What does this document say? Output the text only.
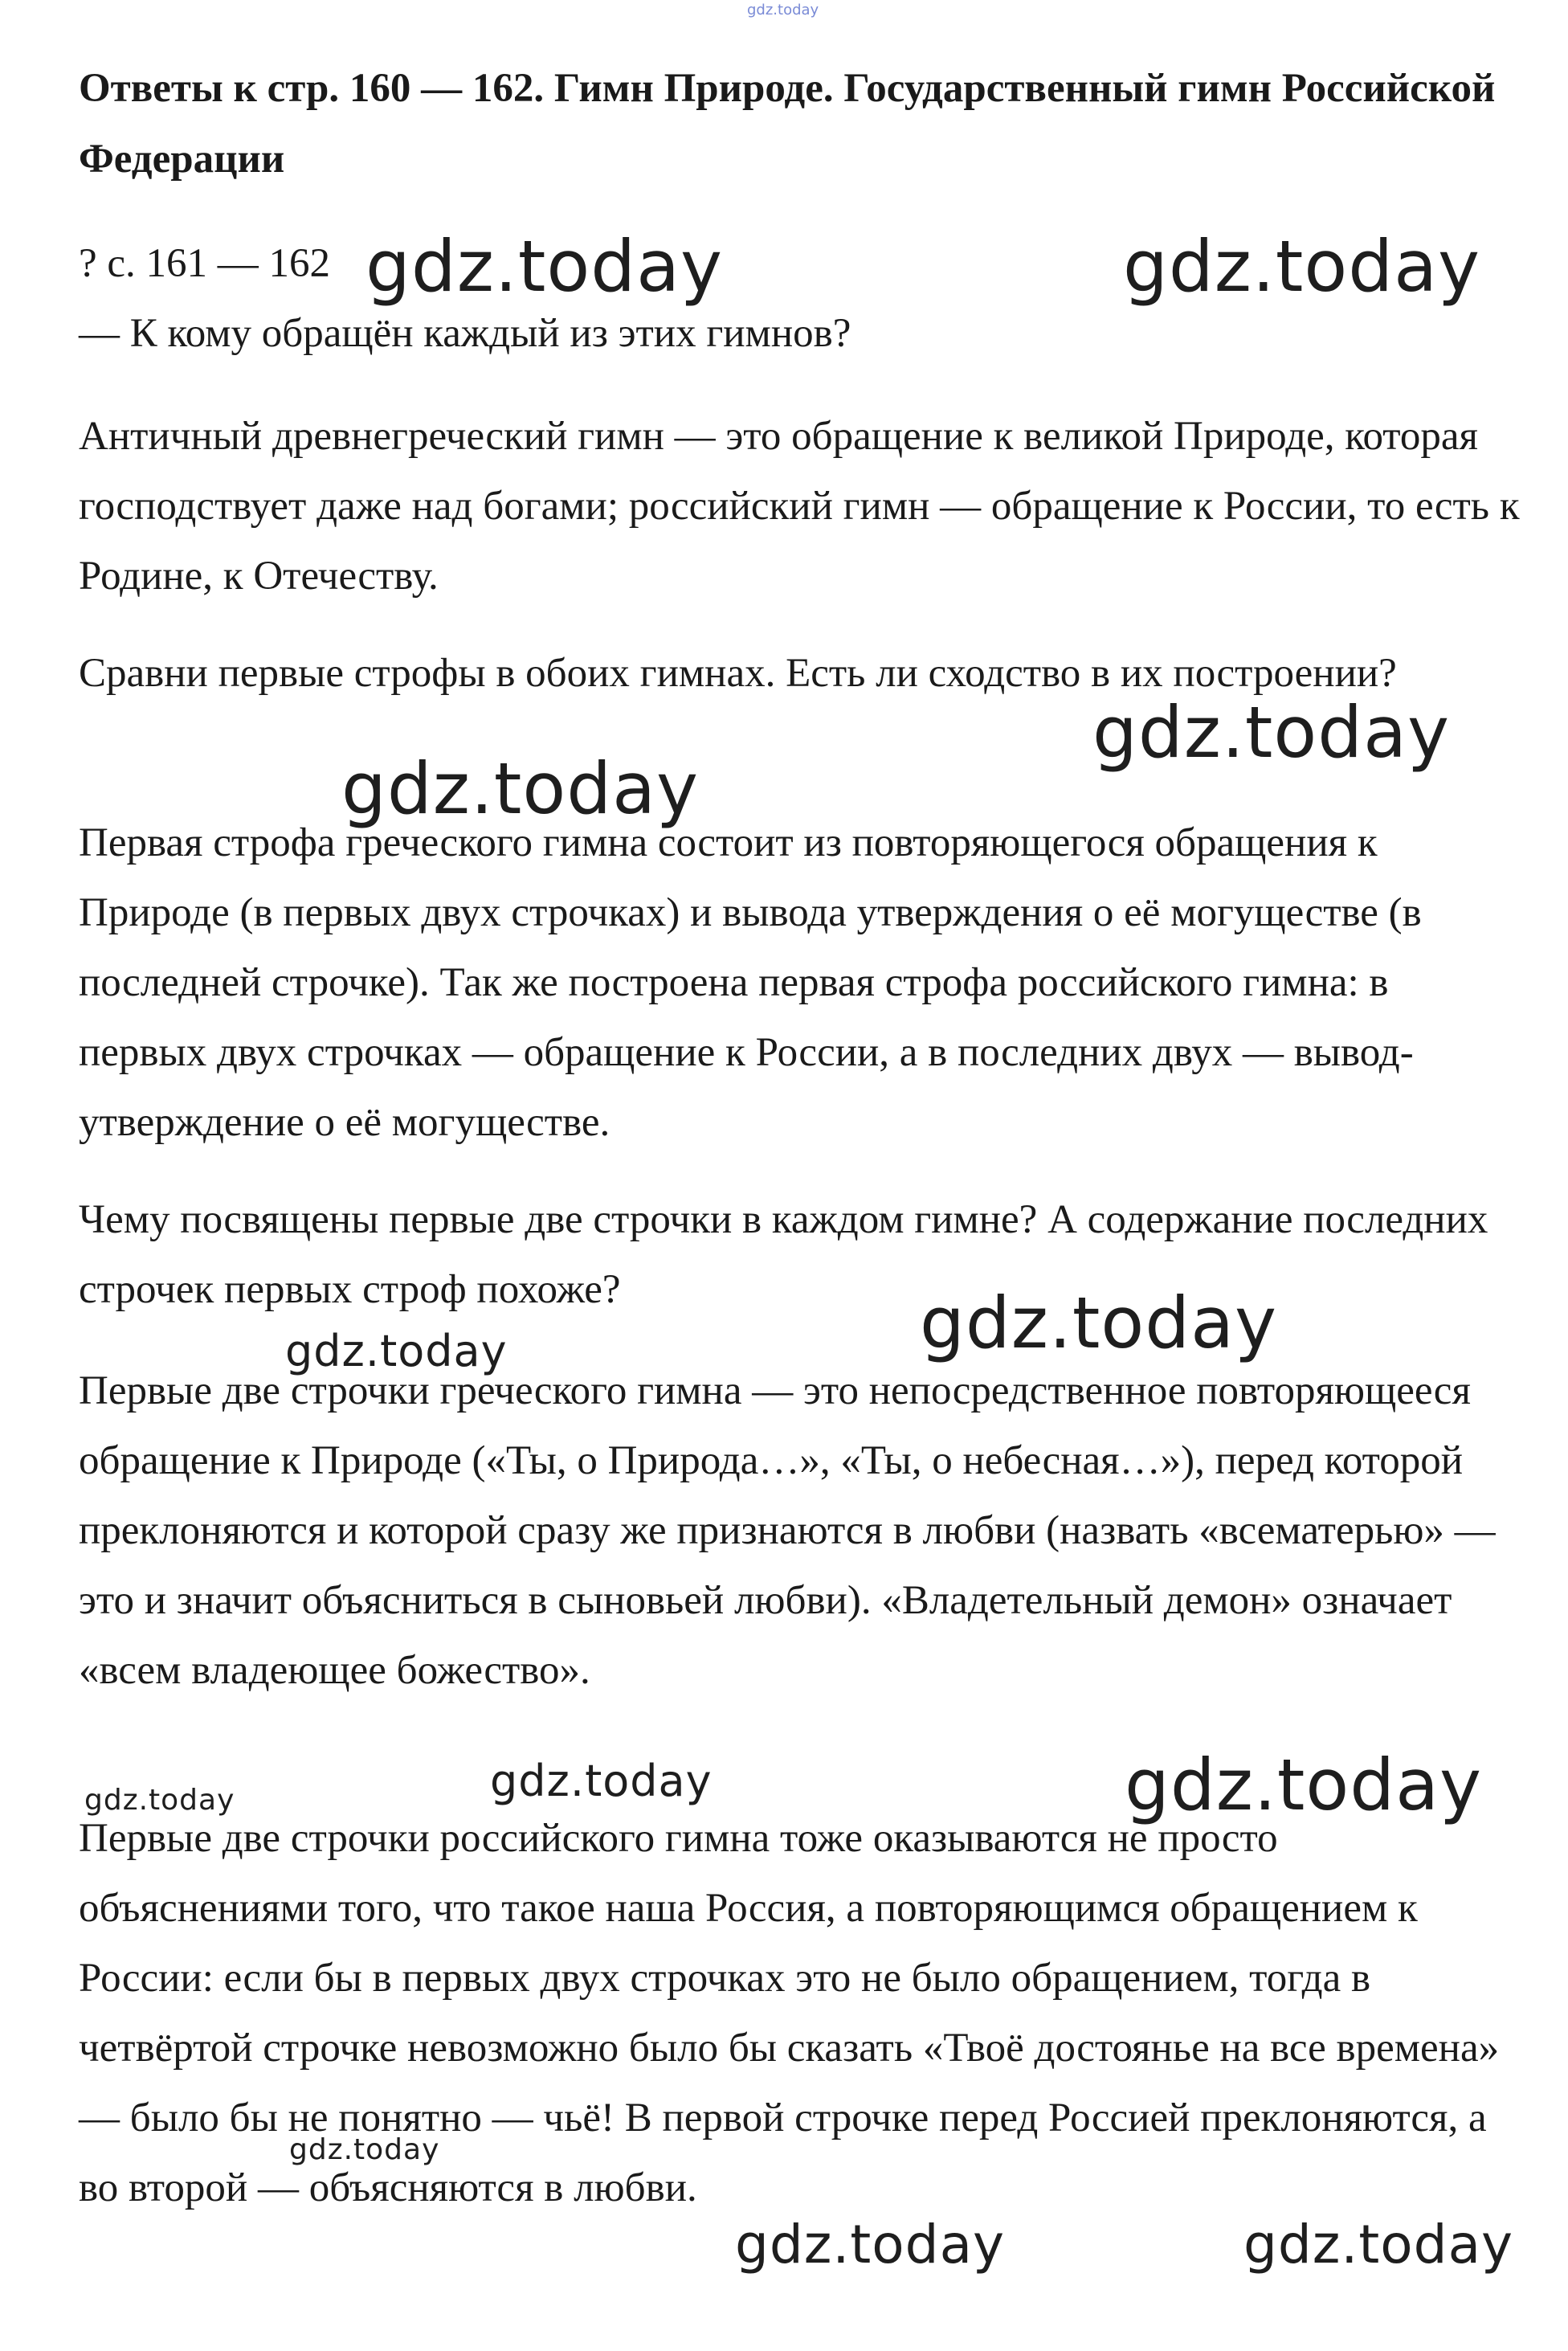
Ответы к стр. 160 — 162. Гимн Природе. Государственный гимн Российской Федерации

? с. 161 — 162

— К кому обращён каждый из этих гимнов?

Античный древнегреческий гимн — это обращение к великой Природе, которая господствует даже над богами; российский гимн — обращение к России, то есть к Родине, к Отечеству.

Сравни первые строфы в обоих гимнах. Есть ли сходство в их построении?

Первая строфа греческого гимна состоит из повторяющегося обращения к Природе (в первых двух строчках) и вывода утверждения о её могуществе (в последней строчке). Так же построена первая строфа российского гимна: в первых двух строчках — обращение к России, а в последних двух — вывод-утверждение о её могуществе.

Чему посвящены первые две строчки в каждом гимне? А содержание последних строчек первых строф похоже?

Первые две строчки греческого гимна — это непосредственное повторяющееся обращение к Природе («Ты, о Природа…», «Ты, о небесная…»), перед которой преклоняются и которой сразу же признаются в любви (назвать «всематерью» — это и значит объясниться в сыновьей любви). «Владетельный демон» означает «всем владеющее божество».

Первые две строчки российского гимна тоже оказываются не просто объяснениями того, что такое наша Россия, а повторяющимся обращением к России: если бы в первых двух строчках это не было обращением, тогда в четвёртой строчке невозможно было бы сказать «Твоё достоянье на все времена» — было бы не понятно — чьё! В первой строчке перед Россией преклоняются, а во второй — объясняются в любви.

gdz.today
gdz.today	gdz.today
gdz.today
gdz.today
gdz.today
gdz.today
gdz.today
gdz.today
gdz.today
gdz.today
gdz.today	gdz.today
